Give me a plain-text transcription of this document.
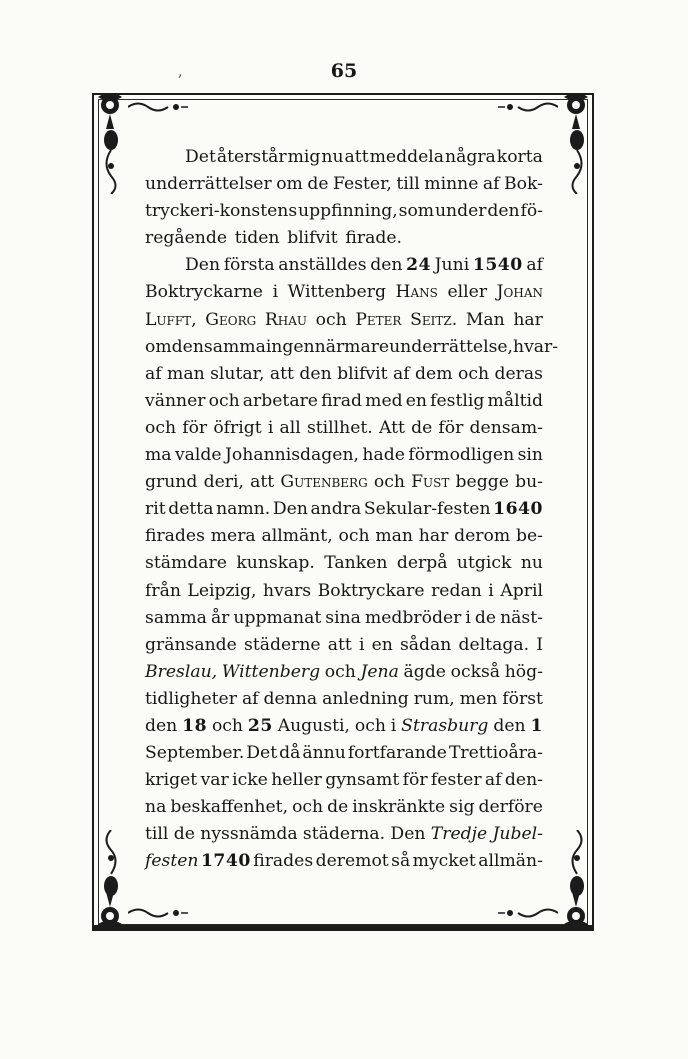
65
,
Det återstår mig nu att meddela några korta
underrättelser om de Fester, till minne af Bok-
tryckeri-konstens uppfinning, som under den fö-
regående tiden blifvit firade.
Den första anställdes den 24 Juni 1540 af
Boktryckarne i Wittenberg Hans eller Johan
Lufft, Georg Rhau och Peter Seitz. Man har
om densamma ingen närmare underrättelse, hvar-
af man slutar, att den blifvit af dem och deras
vänner och arbetare firad med en festlig måltid
och för öfrigt i all stillhet. Att de för densam-
ma valde Johannisdagen, hade förmodligen sin
grund deri, att Gutenberg och Fust begge bu-
rit detta namn. Den andra Sekular-festen 1640
firades mera allmänt, och man har derom be-
stämdare kunskap. Tanken derpå utgick nu
från Leipzig, hvars Boktryckare redan i April
samma år uppmanat sina medbröder i de näst-
gränsande städerne att i en sådan deltaga. I
Breslau, Wittenberg och Jena ägde också hög-
tidligheter af denna anledning rum, men först
den 18 och 25 Augusti, och i Strasburg den 1
September. Det då ännu fortfarande Trettioåra-
kriget var icke heller gynsamt för fester af den-
na beskaffenhet, och de inskränkte sig derföre
till de nyssnämda städerna. Den Tredje Jubel-
festen 1740 firades deremot så mycket allmän-
